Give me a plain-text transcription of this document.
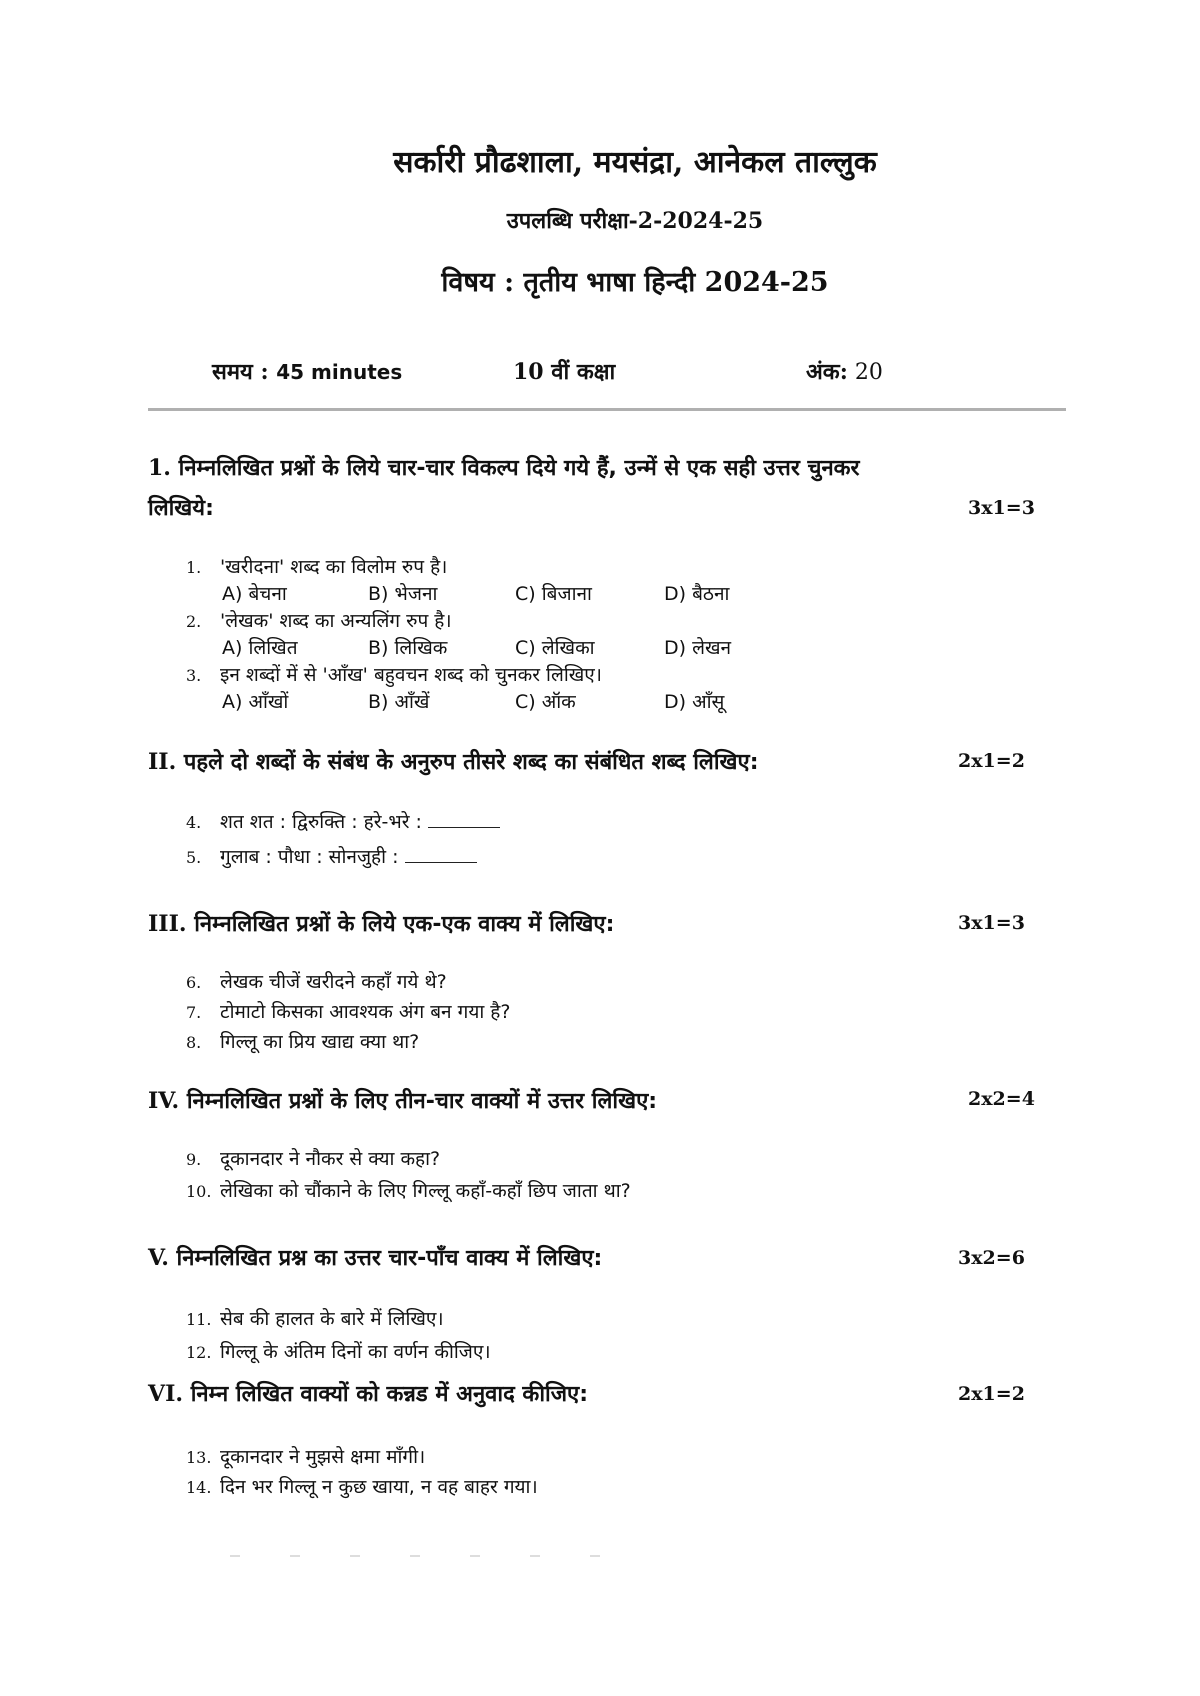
सर्कारी प्रौढशाला, मयसंद्रा, आनेकल ताल्लुक
उपलब्धि परीक्षा-2-2024-25
विषय : तृतीय भाषा हिन्दी 2024-25
समय : 45 minutes	10 वीं कक्षा	अंक: 20
1. निम्नलिखित प्रश्नों के लिये चार-चार विकल्प दिये गये हैं, उन्में से एक सही उत्तर चुनकर
लिखिये:	3x1=3
1. 'खरीदना' शब्द का विलोम रुप है।
A) बेचना	B) भेजना	C) बिजाना	D) बैठना
2. 'लेखक' शब्द का अन्यलिंग रुप है।
A) लिखित	B) लिखिक	C) लेखिका	D) लेखन
3. इन शब्दों में से 'आँख' बहुवचन शब्द को चुनकर लिखिए।
A) आँखों	B) आँखें	C) ऑक	D) आँसू
II. पहले दो शब्दों के संबंध के अनुरुप तीसरे शब्द का संबंधित शब्द लिखिए:	2x1=2
4. शत शत : द्विरुक्ति : हरे-भरे :
5. गुलाब : पौधा : सोनजुही :
III. निम्नलिखित प्रश्नों के लिये एक-एक वाक्य में लिखिए:	3x1=3
6. लेखक चीजें खरीदने कहाँ गये थे?
7. टोमाटो किसका आवश्यक अंग बन गया है?
8. गिल्लू का प्रिय खाद्य क्या था?
IV. निम्नलिखित प्रश्नों के लिए तीन-चार वाक्यों में उत्तर लिखिए:	2x2=4
9. दूकानदार ने नौकर से क्या कहा?
10. लेखिका को चौंकाने के लिए गिल्लू कहाँ-कहाँ छिप जाता था?
V. निम्नलिखित प्रश्न का उत्तर चार-पाँच वाक्य में लिखिए:	3x2=6
11. सेब की हालत के बारे में लिखिए।
12. गिल्लू के अंतिम दिनों का वर्णन कीजिए।
VI. निम्न लिखित वाक्यों को कन्नड में अनुवाद कीजिए:	2x1=2
13. दूकानदार ने मुझसे क्षमा माँगी।
14. दिन भर गिल्लू न कुछ खाया, न वह बाहर गया।
